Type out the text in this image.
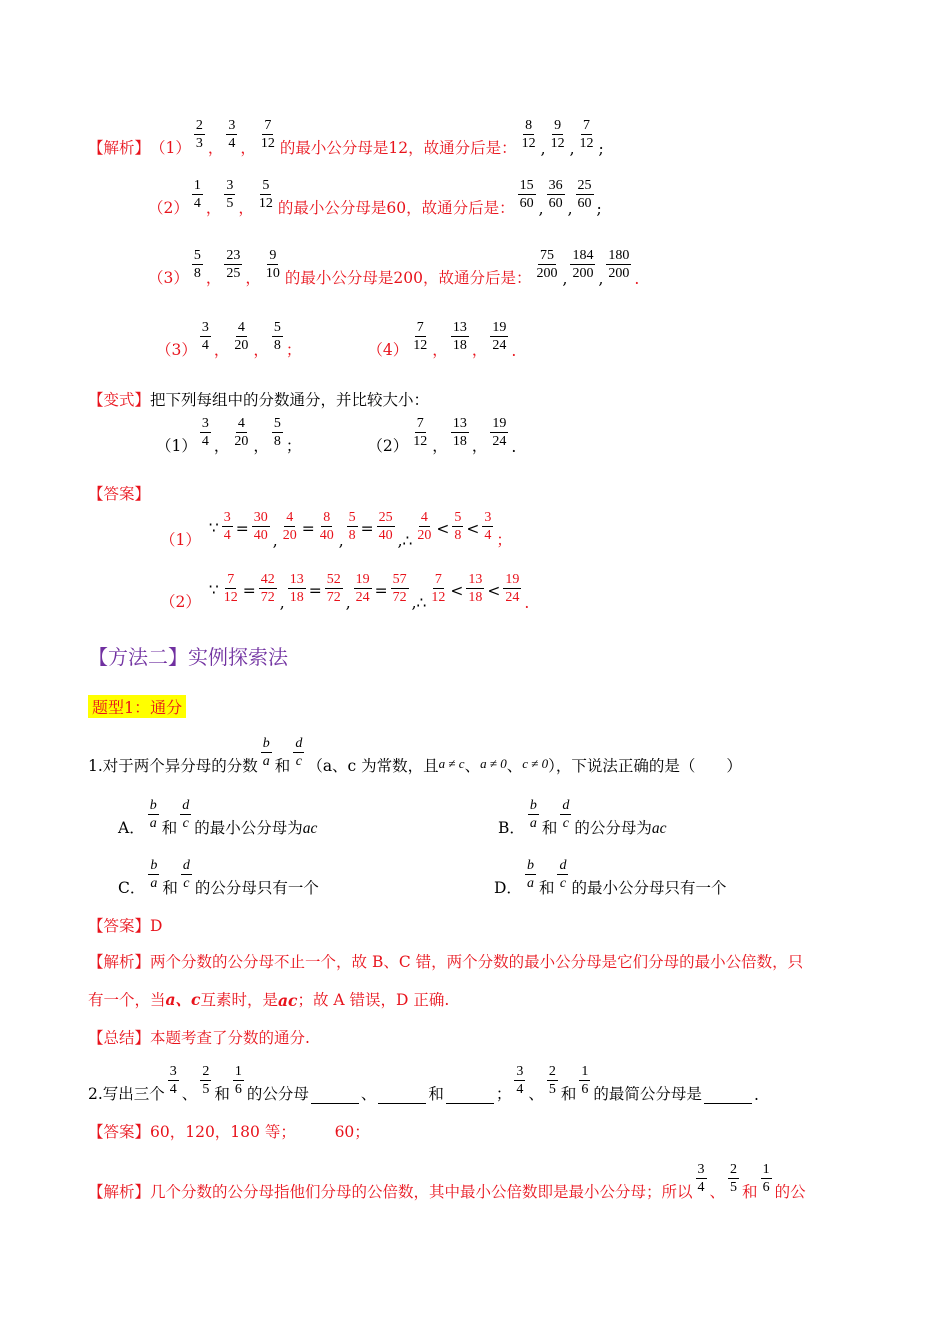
【解析】 $(1) \frac{2}{3}$ ， $\frac{3}{4}$ ， $\frac{7}{12}$ 的最小公分母是12，故通分后是： $\frac{8}{12}$ , $\frac{9}{12}$ , $\frac{7}{12}$ ;
$(2) \frac{1}{4}$ ， $\frac{3}{5}$ ， $\frac{5}{12}$ 的最小公分母是60，故通分后是： $\frac{15}{60}$ , $\frac{36}{60}$ , $\frac{25}{60}$ ;
$(3) \frac{5}{8}$ ， $\frac{23}{25}$ ， $\frac{9}{10}$ 的最小公分母是200，故通分后是： $\frac{75}{200}$ , $\frac{184}{200}$ , $\frac{180}{200}$ .
$(3) \frac{3}{4}$ ， $\frac{4}{20}$ ， $\frac{5}{8}$ ；	$(4) \frac{7}{12}$ ， $\frac{13}{18}$ ， $\frac{19}{24}$ .
【变式】 把下列每组中的分数通分，并比较大小：
$(1) \frac{3}{4}$ ， $\frac{4}{20}$ ， $\frac{5}{8}$ ；	$(2) \frac{7}{12}$ ， $\frac{13}{18}$ ， $\frac{19}{24}$ .
【答案】
（1）
∵ $\frac{3}{4} = \frac{30}{40}$ , $\frac{4}{20} = \frac{8}{40}$ , $\frac{5}{8} = \frac{25}{40}$ ,∴ $\frac{4}{20} < \frac{5}{8} < \frac{3}{4}$ ；
（2）
∵ $\frac{7}{12} = \frac{42}{72}$ , $\frac{13}{18} = \frac{52}{72}$ , $\frac{19}{24} = \frac{57}{72}$ ,∴ $\frac{7}{12} < \frac{13}{18} < \frac{19}{24}$ .
【方法二】实例探索法
题型1：通分
1.对于两个异分母的分数 $\frac{b}{a}$ 和 $\frac{d}{c} (a$、c 为常数，且 a ≠ c 、 a ≠ 0 、 c ≠ 0 ），下说法正确的是（　　）
A． $\frac{b}{a}$ 和 $\frac{d}{c}$ 的最小公分母为 ac	B． $\frac{b}{a}$ 和 $\frac{d}{c}$ 的公分母为 ac
C． $\frac{b}{a}$ 和 $\frac{d}{c}$ 的公分母只有一个	D． $\frac{b}{a}$ 和 $\frac{d}{c}$ 的最小公分母只有一个
【答案】D
【解析】 两个分数的公分母不止一个，故 B、C 错，两个分数的最小公分母是它们分母的最小公倍数，只
有一个，当 a、c 互素时，是 ac ；故 A 错误，D 正确.
【总结】本题考查了分数的通分.
2.写出三个 $\frac{3}{4}$ 、 $\frac{2}{5}$ 和 $\frac{1}{6}$ 的公分母	、	和	； $\frac{3}{4}$ 、 $\frac{2}{5}$ 和 $\frac{1}{6}$ 的最简公分母是	.
【答案】60，120，180 等；　　　60；
【解析】 几个分数的公分母指他们分母的公倍数，其中最小公倍数即是最小公分母；所以 $\frac{3}{4}$ 、 $\frac{2}{5}$ 和 $\frac{1}{6}$ 的公
